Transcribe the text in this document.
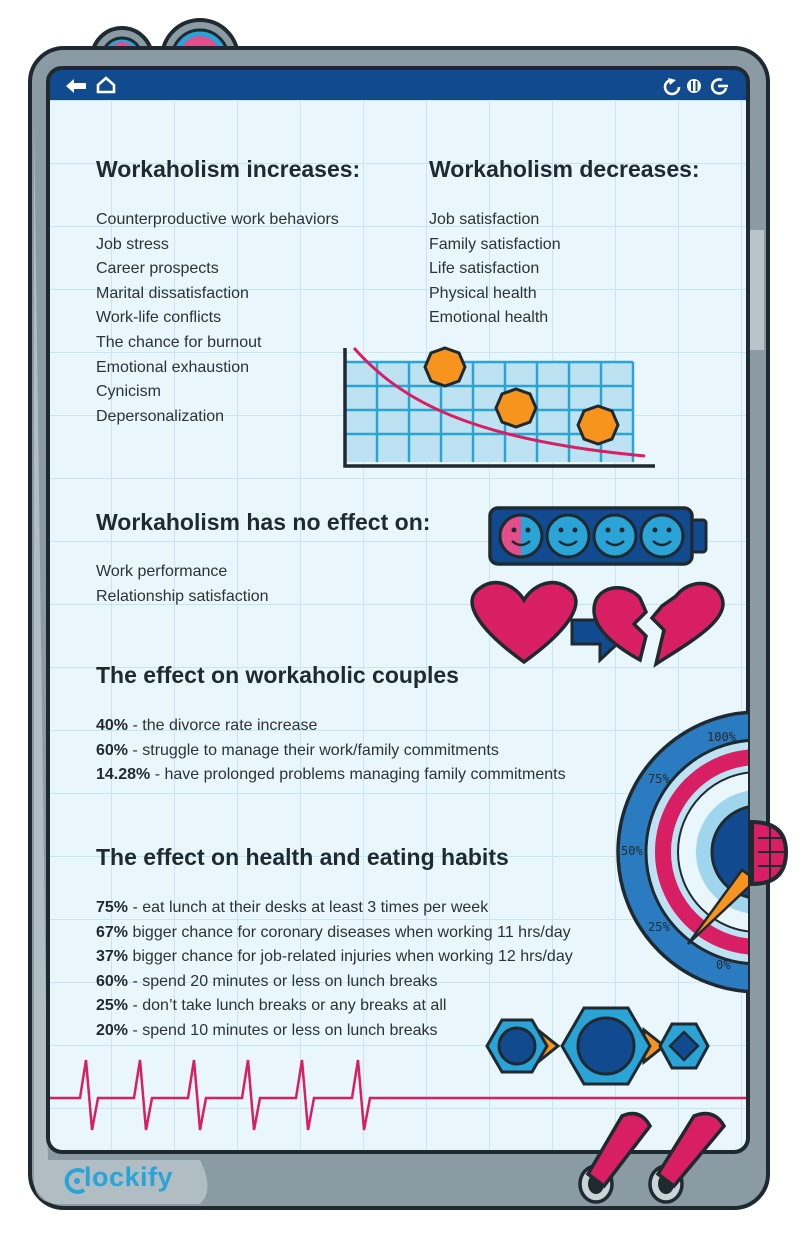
100%
75%
50%
25%
0%
Workaholism increases:
Counterproductive work behaviors
Job stress
Career prospects
Marital dissatisfaction
Work-life conflicts
The chance for burnout
Emotional exhaustion
Cynicism
Depersonalization
Workaholism decreases:
Job satisfaction
Family satisfaction
Life satisfaction
Physical health
Emotional health
Workaholism has no effect on:
Work performance
Relationship satisfaction
The effect on workaholic couples
40% - the divorce rate increase
60% - struggle to manage their work/family commitments
14.28% - have prolonged problems managing family commitments
The effect on health and eating habits
75% - eat lunch at their desks at least 3 times per week
67% bigger chance for coronary diseases when working 11 hrs/day
37% bigger chance for job-related injuries when working 12 hrs/day
60% - spend 20 minutes or less on lunch breaks
25% - don’t take lunch breaks or any breaks at all
20% - spend 10 minutes or less on lunch breaks
lockify
